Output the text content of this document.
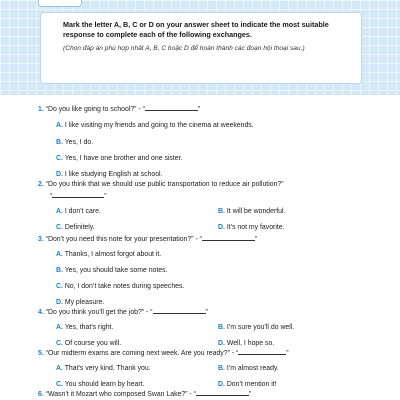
Mark the letter A, B, C or D on your answer sheet to indicate the most suitable response to complete each of the following exchanges.
(Chọn đáp án phù hợp nhất A, B, C hoặc D để hoàn thành các đoạn hội thoại sau.)
1. “Do you like going to school?” - “	”
A. I like visiting my friends and going to the cinema at weekends.
B. Yes, I do.
C. Yes, I have one brother and one sister.
D. I like studying English at school.
2. “Do you think that we should use public transportation to reduce air pollution?”
“	”
A. I don’t care.	B. It will be wonderful.
C. Definitely.	D. It’s not my favorite.
3. “Don’t you need this note for your presentation?” - “	”
A. Thanks, I almost forgot about it.
B. Yes, you should take some notes.
C. No, I don’t take notes during speeches.
D. My pleasure.
4. “Do you think you’ll get the job?” - “	”
A. Yes, that’s right.	B. I’m sure you’ll do well.
C. Of course you will.	D. Well, I hope so.
5. “Our midterm exams are coming next week. Are you ready?” - “	”
A. That’s very kind. Thank you.	B. I’m almost ready.
C. You should learn by heart.	D. Don’t mention it!
6. “Wasn’t it Mozart who composed Swan Lake?” - “	”
